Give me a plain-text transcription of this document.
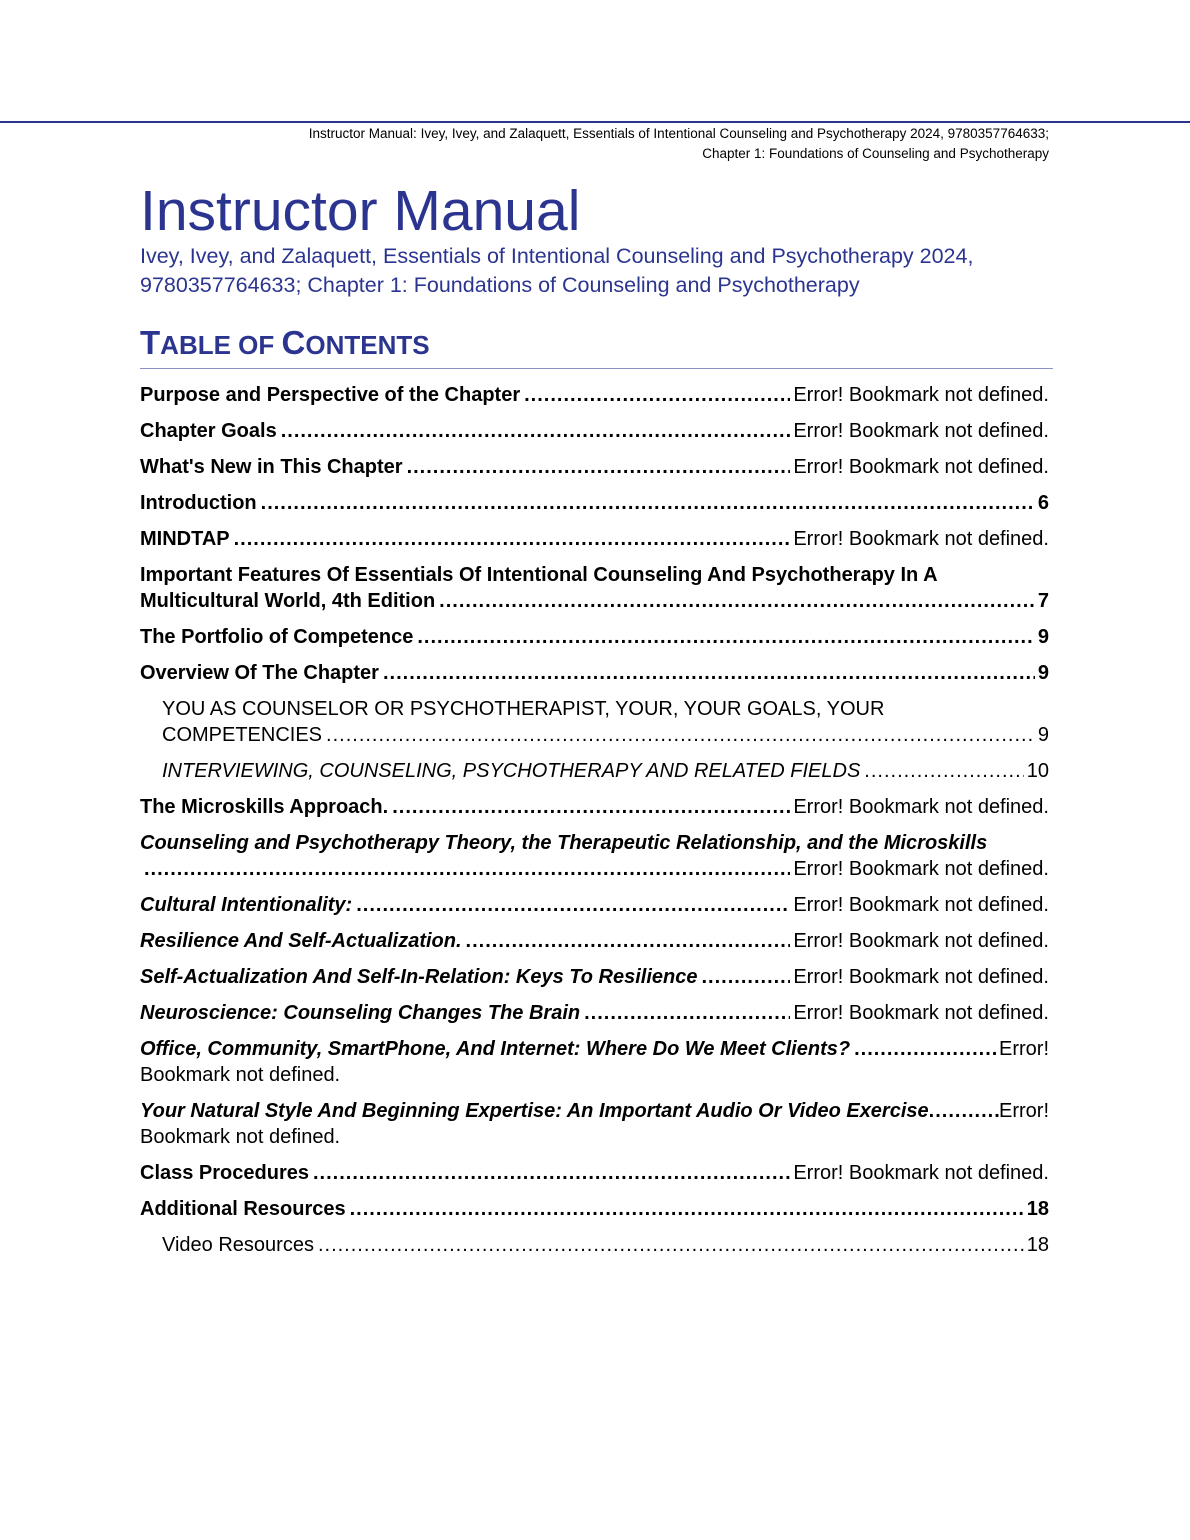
Instructor Manual: Ivey, Ivey, and Zalaquett, Essentials of Intentional Counseling and Psychotherapy 2024, 9780357764633;
Chapter 1: Foundations of Counseling and Psychotherapy
Instructor Manual
Ivey, Ivey, and Zalaquett, Essentials of Intentional Counseling and Psychotherapy 2024, 9780357764633; Chapter 1: Foundations of Counseling and Psychotherapy
TABLE OF CONTENTS
Purpose and Perspective of the Chapter .....	Error! Bookmark not defined.
Chapter Goals .....	Error! Bookmark not defined.
What's New in This Chapter .....	Error! Bookmark not defined.
Introduction .....	6
MINDTAP .....	Error! Bookmark not defined.
Important Features Of Essentials Of Intentional Counseling And Psychotherapy In A
Multicultural World, 4th Edition .....	7
The Portfolio of Competence .....	9
Overview Of The Chapter .....	9
YOU AS COUNSELOR OR PSYCHOTHERAPIST, YOUR, YOUR GOALS, YOUR
COMPETENCIES .....	9
INTERVIEWING, COUNSELING, PSYCHOTHERAPY AND RELATED FIELDS .....	10
The Microskills Approach. .....	Error! Bookmark not defined.
Counseling and Psychotherapy Theory, the Therapeutic Relationship, and the Microskills
.....
Error! Bookmark not defined.
Cultural Intentionality: .....	Error! Bookmark not defined.
Resilience And Self-Actualization. .....	Error! Bookmark not defined.
Self-Actualization And Self-In-Relation: Keys To Resilience .....	Error! Bookmark not defined.
Neuroscience: Counseling Changes The Brain .....	Error! Bookmark not defined.
Office, Community, SmartPhone, And Internet: Where Do We Meet Clients? .....	Error!
Bookmark not defined.
Your Natural Style And Beginning Expertise: An Important Audio Or Video Exercise .....	Error!
Bookmark not defined.
Class Procedures .....	Error! Bookmark not defined.
Additional Resources .....	18
Video Resources .....	18
